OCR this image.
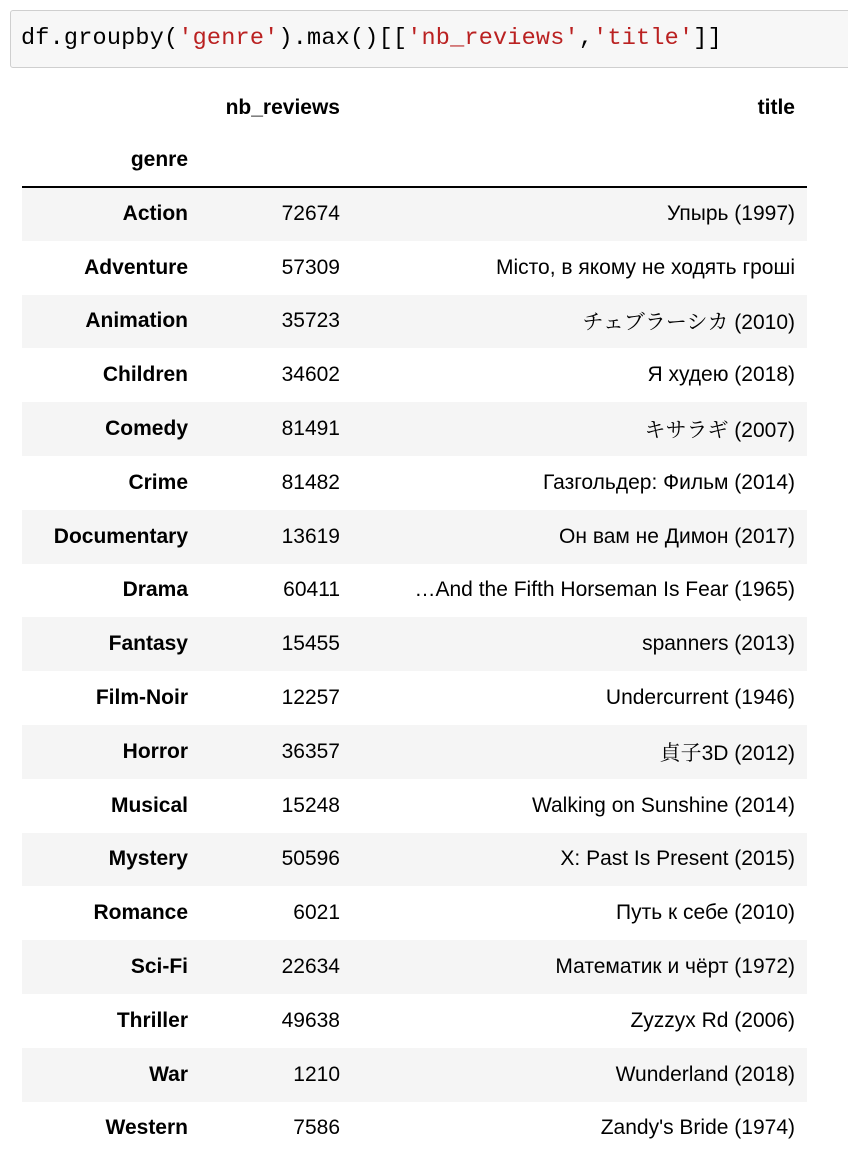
df.groupby('genre').max()[['nb_reviews','title']]
	nb_reviews	title
genre		
Action	72674	Упырь (1997)
Adventure	57309	Місто, в якому не ходять гроші
Animation	35723	チェブラーシカ (2010)
Children	34602	Я худею (2018)
Comedy	81491	キサラギ (2007)
Crime	81482	Газгольдер: Фильм (2014)
Documentary	13619	Он вам не Димон (2017)
Drama	60411	…And the Fifth Horseman Is Fear (1965)
Fantasy	15455	spanners (2013)
Film-Noir	12257	Undercurrent (1946)
Horror	36357	貞子3D (2012)
Musical	15248	Walking on Sunshine (2014)
Mystery	50596	X: Past Is Present (2015)
Romance	6021	Путь к себе (2010)
Sci-Fi	22634	Математик и чёрт (1972)
Thriller	49638	Zyzzyx Rd (2006)
War	1210	Wunderland (2018)
Western	7586	Zandy's Bride (1974)
